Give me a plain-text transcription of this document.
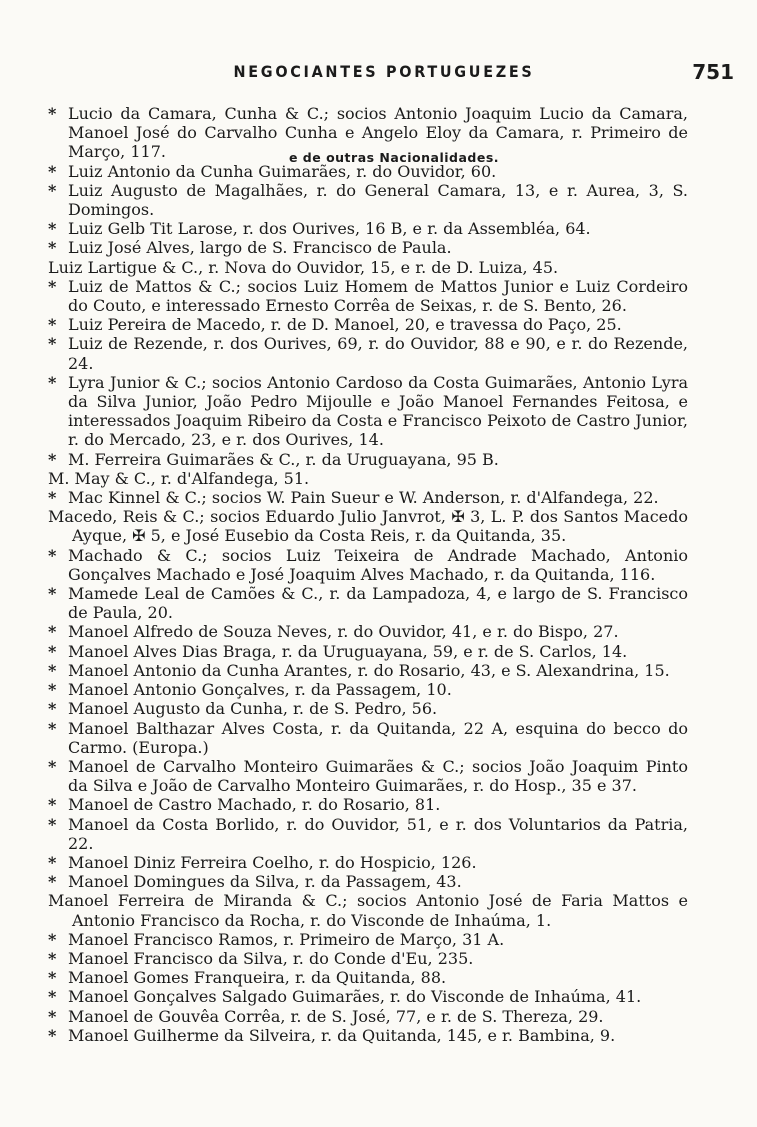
NEGOCIANTES PORTUGUEZES	751
e de outras Nacionalidades.
* Lucio da Camara, Cunha & C.; socios Antonio Joaquim Lucio da Camara, Manoel José do Carvalho Cunha e Angelo Eloy da Camara, r. Primeiro de Março, 117.
* Luiz Antonio da Cunha Guimarães, r. do Ouvidor, 60.
* Luiz Augusto de Magalhães, r. do General Camara, 13, e r. Aurea, 3, S. Domingos.
* Luiz Gelb Tit Larose, r. dos Ourives, 16 B, e r. da Assembléa, 64.
* Luiz José Alves, largo de S. Francisco de Paula.
Luiz Lartigue & C., r. Nova do Ouvidor, 15, e r. de D. Luiza, 45.
* Luiz de Mattos & C.; socios Luiz Homem de Mattos Junior e Luiz Cordeiro do Couto, e interessado Ernesto Corrêa de Seixas, r. de S. Bento, 26.
* Luiz Pereira de Macedo, r. de D. Manoel, 20, e travessa do Paço, 25.
* Luiz de Rezende, r. dos Ourives, 69, r. do Ouvidor, 88 e 90, e r. do Rezende, 24.
* Lyra Junior & C.; socios Antonio Cardoso da Costa Guimarães, Antonio Lyra da Silva Junior, João Pedro Mijoulle e João Manoel Fernandes Feitosa, e interessados Joaquim Ribeiro da Costa e Francisco Peixoto de Castro Junior, r. do Mercado, 23, e r. dos Ourives, 14.
* M. Ferreira Guimarães & C., r. da Uruguayana, 95 B.
M. May & C., r. d'Alfandega, 51.
* Mac Kinnel & C.; socios W. Pain Sueur e W. Anderson, r. d'Alfandega, 22.
Macedo, Reis & C.; socios Eduardo Julio Janvrot, ✠ 3, L. P. dos Santos Macedo Ayque, ✠ 5, e José Eusebio da Costa Reis, r. da Quitanda, 35.
* Machado & C.; socios Luiz Teixeira de Andrade Machado, Antonio Gonçalves Machado e José Joaquim Alves Machado, r. da Quitanda, 116.
* Mamede Leal de Camões & C., r. da Lampadoza, 4, e largo de S. Francisco de Paula, 20.
* Manoel Alfredo de Souza Neves, r. do Ouvidor, 41, e r. do Bispo, 27.
* Manoel Alves Dias Braga, r. da Uruguayana, 59, e r. de S. Carlos, 14.
* Manoel Antonio da Cunha Arantes, r. do Rosario, 43, e S. Alexandrina, 15.
* Manoel Antonio Gonçalves, r. da Passagem, 10.
* Manoel Augusto da Cunha, r. de S. Pedro, 56.
* Manoel Balthazar Alves Costa, r. da Quitanda, 22 A, esquina do becco do Carmo. (Europa.)
* Manoel de Carvalho Monteiro Guimarães & C.; socios João Joaquim Pinto da Silva e João de Carvalho Monteiro Guimarães, r. do Hosp., 35 e 37.
* Manoel de Castro Machado, r. do Rosario, 81.
* Manoel da Costa Borlido, r. do Ouvidor, 51, e r. dos Voluntarios da Patria, 22.
* Manoel Diniz Ferreira Coelho, r. do Hospicio, 126.
* Manoel Domingues da Silva, r. da Passagem, 43.
Manoel Ferreira de Miranda & C.; socios Antonio José de Faria Mattos e Antonio Francisco da Rocha, r. do Visconde de Inhaúma, 1.
* Manoel Francisco Ramos, r. Primeiro de Março, 31 A.
* Manoel Francisco da Silva, r. do Conde d'Eu, 235.
* Manoel Gomes Franqueira, r. da Quitanda, 88.
* Manoel Gonçalves Salgado Guimarães, r. do Visconde de Inhaúma, 41.
* Manoel de Gouvêa Corrêa, r. de S. José, 77, e r. de S. Thereza, 29.
* Manoel Guilherme da Silveira, r. da Quitanda, 145, e r. Bambina, 9.
